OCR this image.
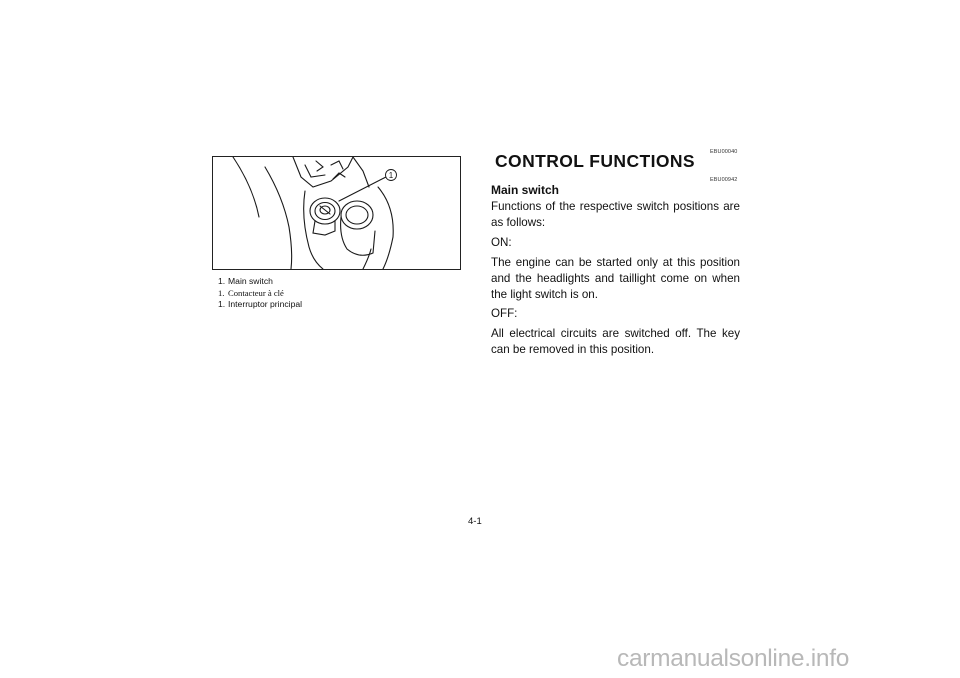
1
1. Main switch
1. Contacteur à clé
1. Interruptor principal
EBU00040
CONTROL FUNCTIONS
EBU00942
Main switch

Functions of the respective switch positions are as follows:

ON:

The engine can be started only at this position and the headlights and taillight come on when the light switch is on.

OFF:

All electrical circuits are switched off. The key can be removed in this position.

4-1
carmanualsonline.info
